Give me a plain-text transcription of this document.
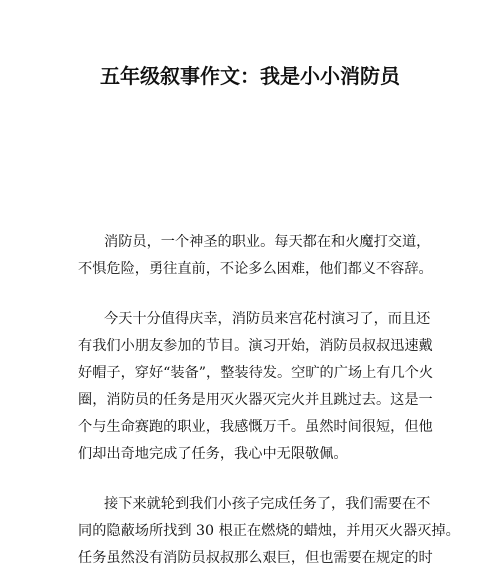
五年级叙事作文：我是小小消防员
消防员，一个神圣的职业。每天都在和火魔打交道，
不惧危险，勇往直前，不论多么困难，他们都义不容辞。
今天十分值得庆幸，消防员来宫花村演习了，而且还
有我们小朋友参加的节目。演习开始，消防员叔叔迅速戴
好帽子，穿好“装备”，整装待发。空旷的广场上有几个火
圈，消防员的任务是用灭火器灭完火并且跳过去。这是一
个与生命赛跑的职业，我感慨万千。虽然时间很短，但他
们却出奇地完成了任务，我心中无限敬佩。
接下来就轮到我们小孩子完成任务了，我们需要在不
同的隐蔽场所找到 30 根正在燃烧的蜡烛，并用灭火器灭掉。
任务虽然没有消防员叔叔那么艰巨，但也需要在规定的时
